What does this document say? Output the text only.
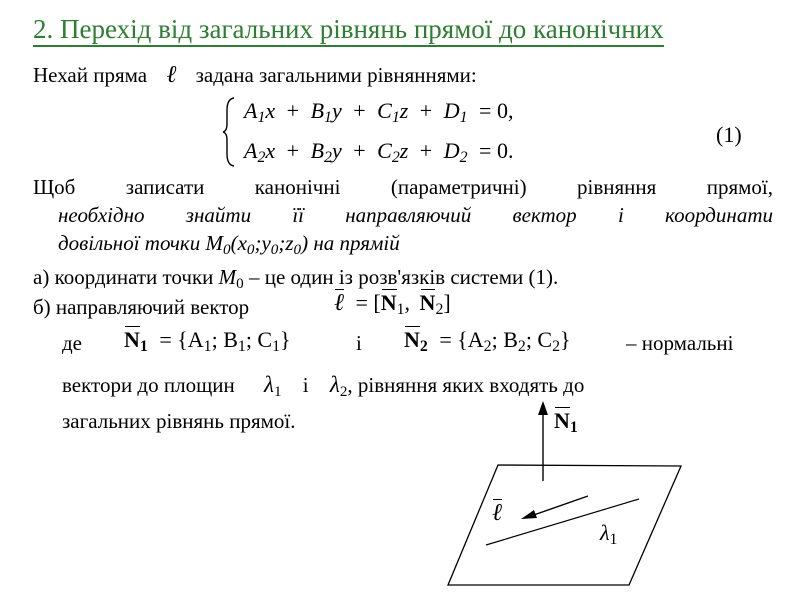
2. Перехід від загальних рівнянь прямої до канонічних
Нехай пряма ℓ задана загальними рівняннями:
$A_1x + B_1y + C_1z + D_1 = 0$,
$A_2x + B_2y + C_2z + D_2 = 0$.
(1)
Щоб записати канонічні (параметричні) рівняння прямої,
необхідно знайти її направляючий вектор і координати
довільної точки $M_0(x_0;y_0;z_0)$ на прямій
а) координати точки $M_0$ – це один із розв'язків системи (1).
б) направляючий вектор	ℓ = [$N_1$, $N_2$]
де $N_1 = \{A_1$; $B_1$; $C_1$}	і $N_2 = \{A_2$; $B_2$; $C_2$}	– нормальні
вектори до площин $\lambda_1$ і $\lambda_2$, рівняння яких входять до
загальних рівнянь прямої.	$N_1$
ℓ
$\lambda_1$
